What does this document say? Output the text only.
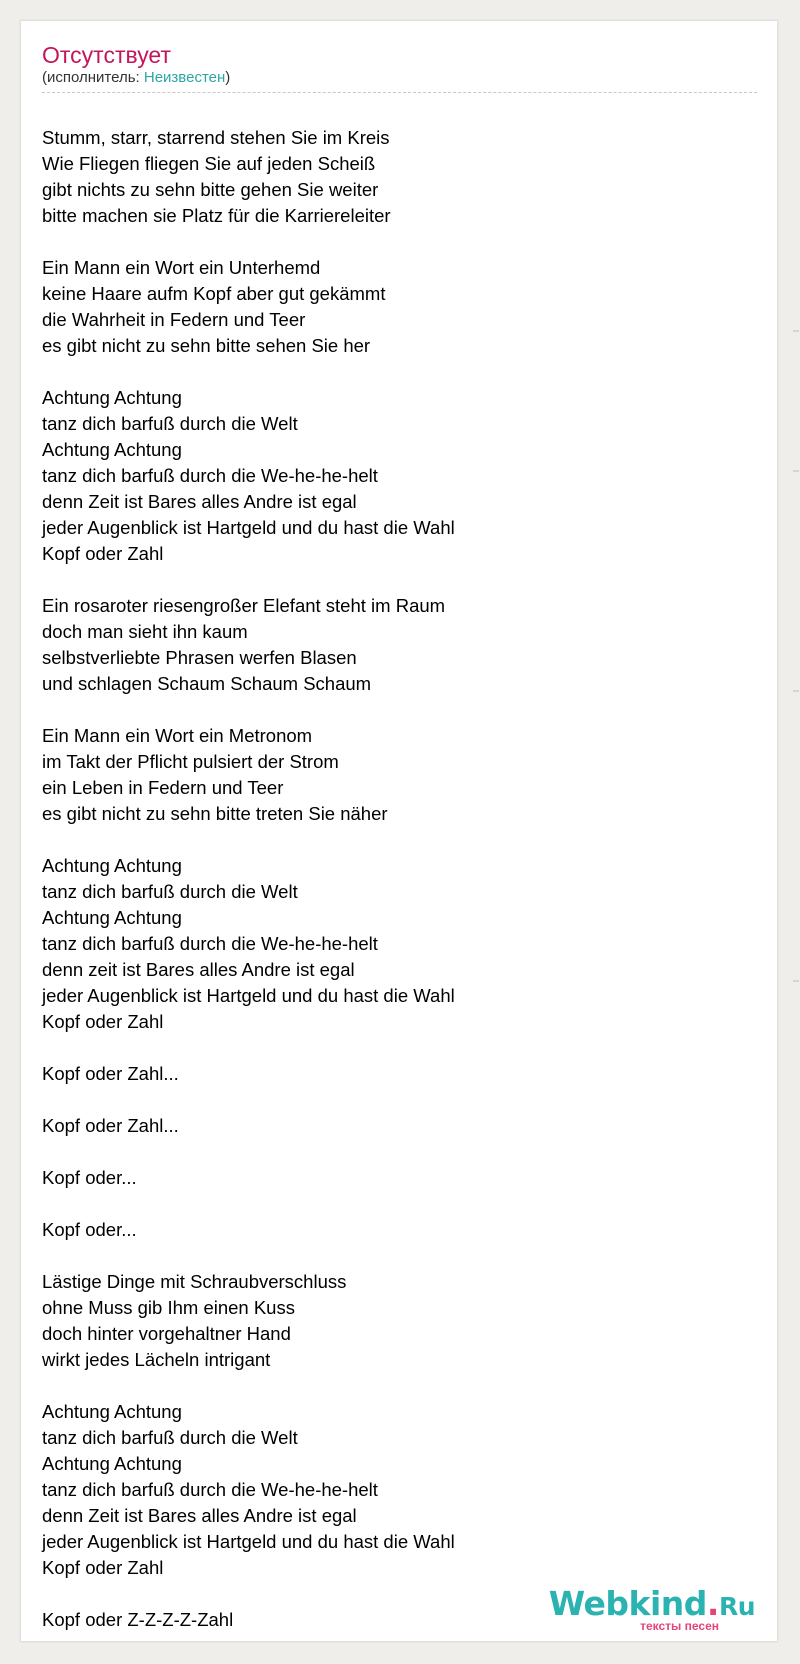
Отсутствует
(исполнитель: Неизвестен)
Stumm, starr, starrend stehen Sie im Kreis
Wie Fliegen fliegen Sie auf jeden Scheiß
gibt nichts zu sehn bitte gehen Sie weiter
bitte machen sie Platz für die Karriereleiter
Ein Mann ein Wort ein Unterhemd
keine Haare aufm Kopf aber gut gekämmt
die Wahrheit in Federn und Teer
es gibt nicht zu sehn bitte sehen Sie her
Achtung Achtung
tanz dich barfuß durch die Welt
Achtung Achtung
tanz dich barfuß durch die We-he-he-helt
denn Zeit ist Bares alles Andre ist egal
jeder Augenblick ist Hartgeld und du hast die Wahl
Kopf oder Zahl
Ein rosaroter riesengroßer Elefant steht im Raum
doch man sieht ihn kaum
selbstverliebte Phrasen werfen Blasen
und schlagen Schaum Schaum Schaum
Ein Mann ein Wort ein Metronom
im Takt der Pflicht pulsiert der Strom
ein Leben in Federn und Teer
es gibt nicht zu sehn bitte treten Sie näher
Achtung Achtung
tanz dich barfuß durch die Welt
Achtung Achtung
tanz dich barfuß durch die We-he-he-helt
denn zeit ist Bares alles Andre ist egal
jeder Augenblick ist Hartgeld und du hast die Wahl
Kopf oder Zahl
Kopf oder Zahl...
Kopf oder Zahl...
Kopf oder...
Kopf oder...
Lästige Dinge mit Schraubverschluss
ohne Muss gib Ihm einen Kuss
doch hinter vorgehaltner Hand
wirkt jedes Lächeln intrigant
Achtung Achtung
tanz dich barfuß durch die Welt
Achtung Achtung
tanz dich barfuß durch die We-he-he-helt
denn Zeit ist Bares alles Andre ist egal
jeder Augenblick ist Hartgeld und du hast die Wahl
Kopf oder Zahl
Kopf oder Z-Z-Z-Z-Zahl	Webkind.Ru
тексты песен
